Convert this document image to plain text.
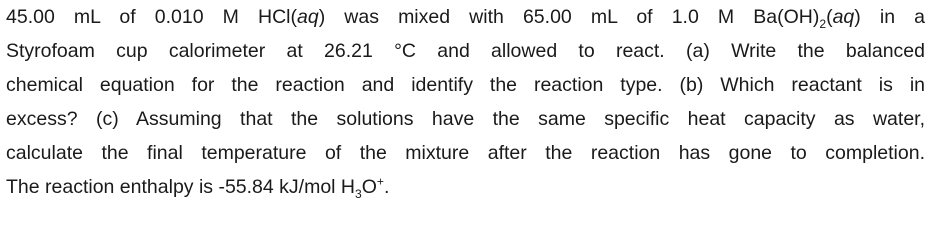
45.00 mL of 0.010 M HCl(aq) was mixed with 65.00 mL of 1.0 M $Ba(OH)_2(aq)$ in a
Styrofoam cup calorimeter at 26.21 °C and allowed to react. (a) Write the balanced
chemical equation for the reaction and identify the reaction type. (b) Which reactant is in
excess? (c) Assuming that the solutions have the same specific heat capacity as water,
calculate the final temperature of the mixture after the reaction has gone to completion.
The reaction enthalpy is -55.84 kJ/mol $H_3O^+$.
